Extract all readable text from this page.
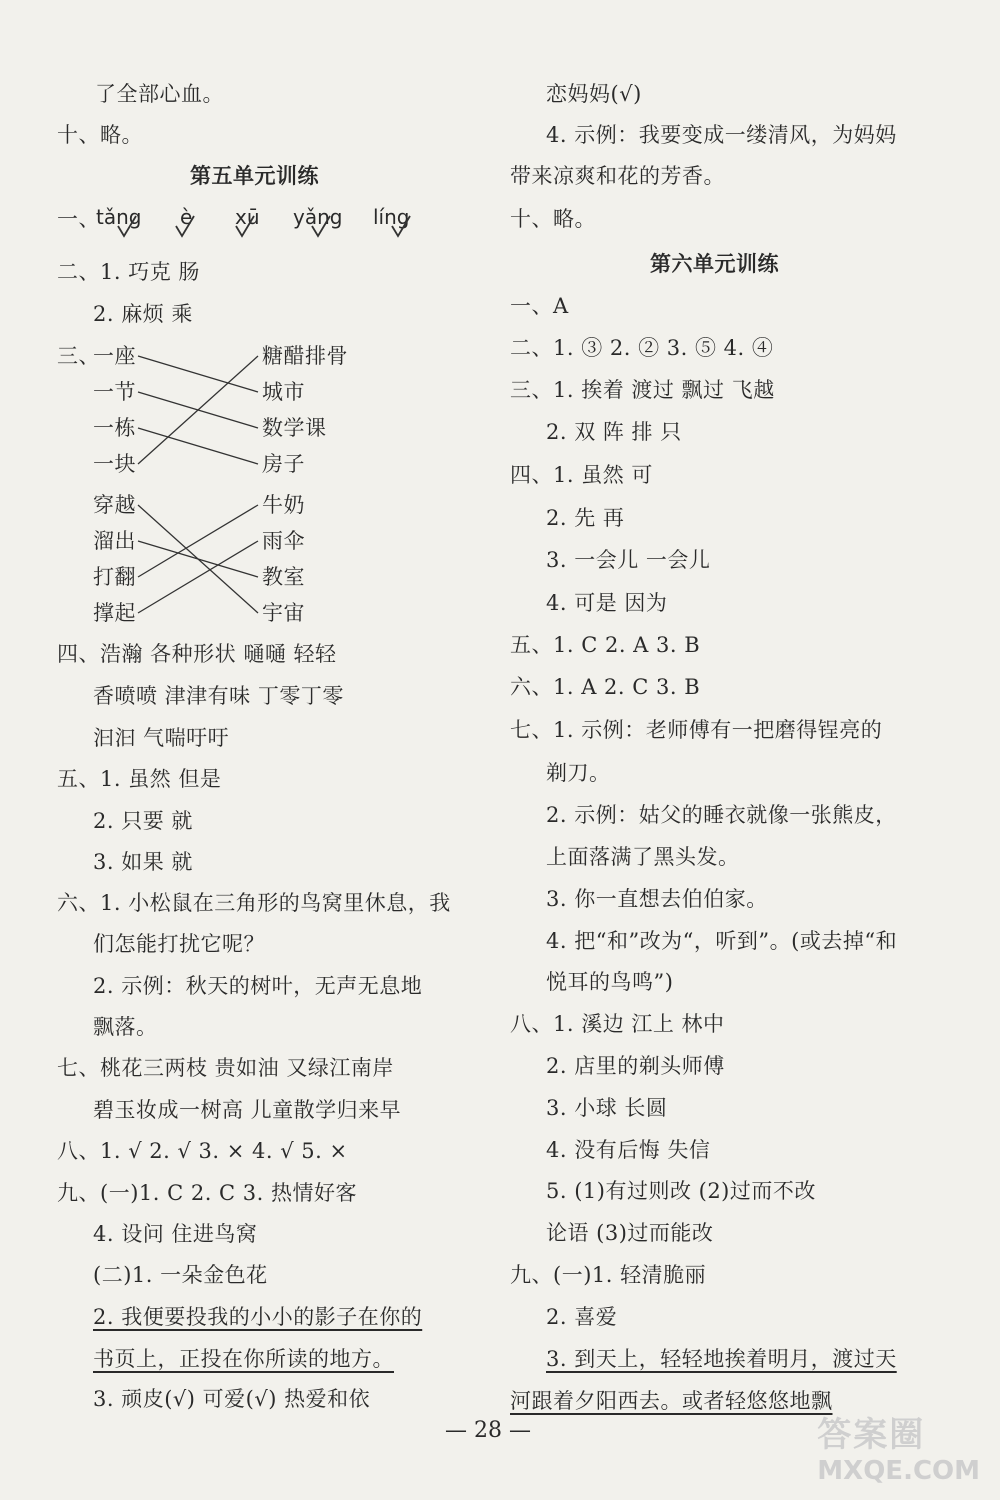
了全部心血。
十、略。
第五单元训练
一、
tǎng è xū yǎng líng
二、1. 巧克 肠
2. 麻烦 乘
三、
一座
一节
一栋
一块
糖醋排骨
城市
数学课
房子
穿越
溜出
打翻
撑起
牛奶
雨伞
教室
宇宙
四、浩瀚 各种形状 嗵嗵 轻轻
香喷喷 津津有味 丁零丁零
汩汩 气喘吁吁
五、1. 虽然 但是
2. 只要 就
3. 如果 就
六、1. 小松鼠在三角形的鸟窝里休息，我
们怎能打扰它呢？
2. 示例：秋天的树叶，无声无息地
飘落。
七、桃花三两枝 贵如油 又绿江南岸
碧玉妆成一树高 儿童散学归来早
八、1. √ 2. √ 3. × 4. √ 5. ×
九、(一)1. C 2. C 3. 热情好客
4. 设问 住进鸟窝
(二)1. 一朵金色花
2. 我便要投我的小小的影子在你的
书页上，正投在你所读的地方。
3. 顽皮(√) 可爱(√) 热爱和依
恋妈妈(√)
4. 示例：我要变成一缕清风，为妈妈
带来凉爽和花的芳香。
十、略。
第六单元训练
一、A
二、1. ③ 2. ② 3. ⑤ 4. ④
三、1. 挨着 渡过 飘过 飞越
2. 双 阵 排 只
四、1. 虽然 可
2. 先 再
3. 一会儿 一会儿
4. 可是 因为
五、1. C 2. A 3. B
六、1. A 2. C 3. B
七、1. 示例：老师傅有一把磨得锃亮的
剃刀。
2. 示例：姑父的睡衣就像一张熊皮，
上面落满了黑头发。
3. 你一直想去伯伯家。
4. 把“和”改为“，听到”。(或去掉“和
悦耳的鸟鸣”)
八、1. 溪边 江上 林中
2. 店里的剃头师傅
3. 小球 长圆
4. 没有后悔 失信
5. (1)有过则改 (2)过而不改
论语 (3)过而能改
九、(一)1. 轻清脆丽
2. 喜爱
3. 到天上，轻轻地挨着明月，渡过天
河跟着夕阳西去。或者轻悠悠地飘
— 28 —	答案圈
MXQE.COM
